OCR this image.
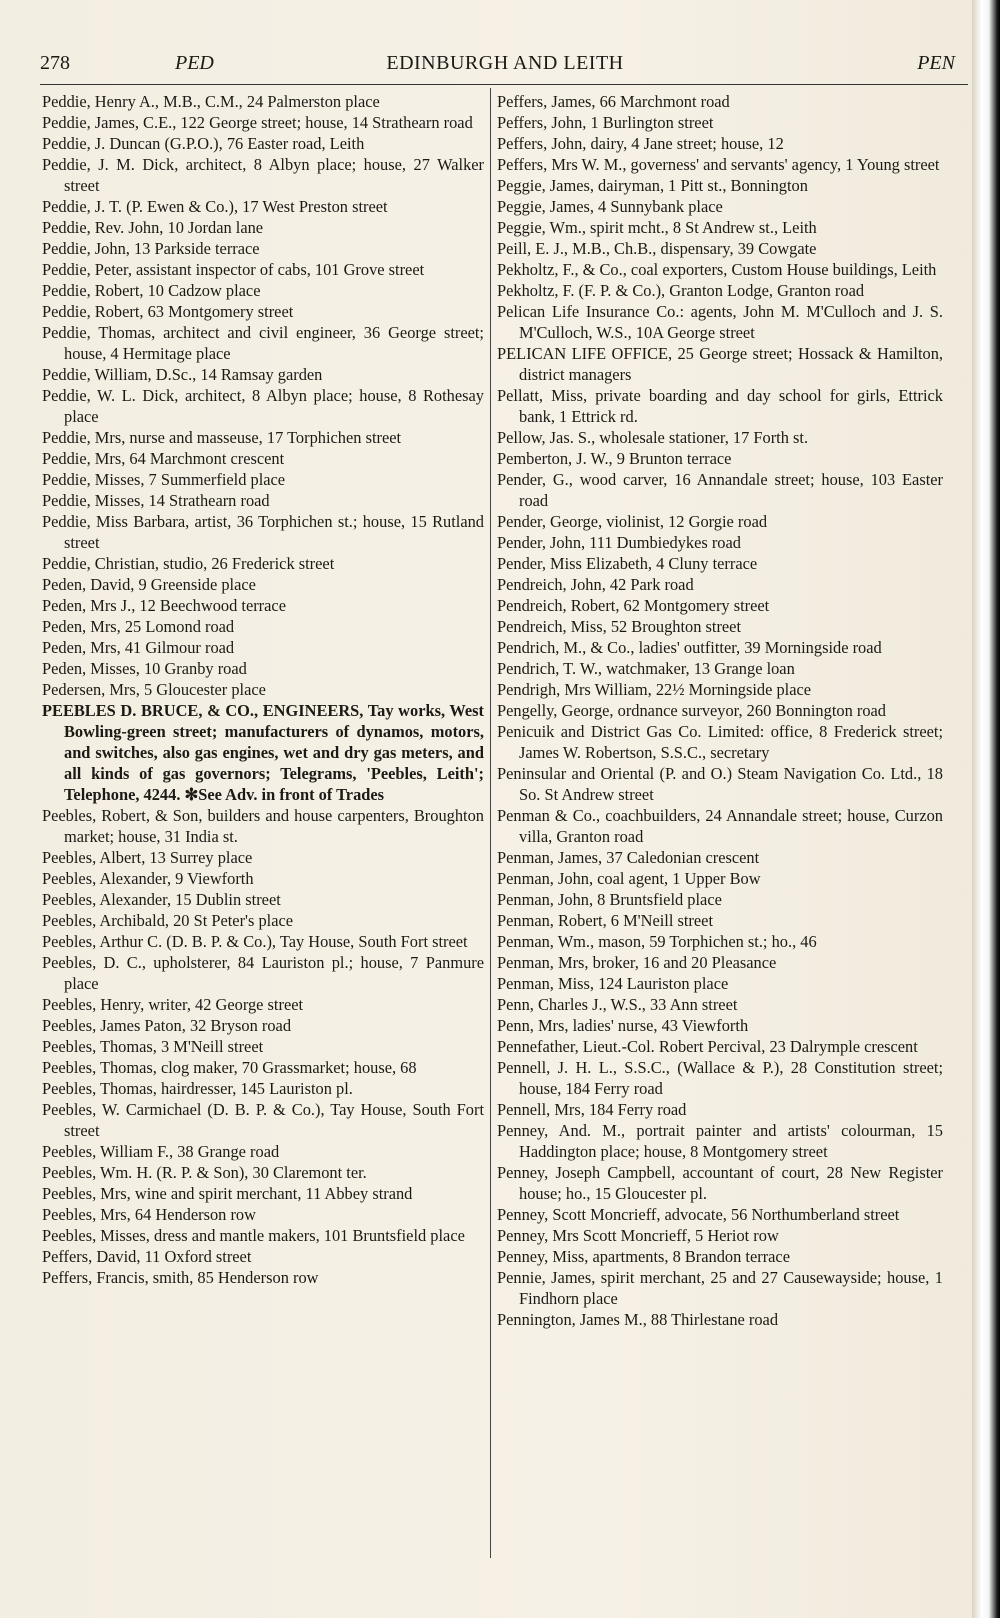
278	PED	EDINBURGH AND LEITH	PEN
Peddie, Henry A., M.B., C.M., 24 Palmerston place
Peddie, James, C.E., 122 George street; house, 14 Strathearn road
Peddie, J. Duncan (G.P.O.), 76 Easter road, Leith
Peddie, J. M. Dick, architect, 8 Albyn place; house, 27 Walker street
Peddie, J. T. (P. Ewen & Co.), 17 West Preston street
Peddie, Rev. John, 10 Jordan lane
Peddie, John, 13 Parkside terrace
Peddie, Peter, assistant inspector of cabs, 101 Grove street
Peddie, Robert, 10 Cadzow place
Peddie, Robert, 63 Montgomery street
Peddie, Thomas, architect and civil engineer, 36 George street; house, 4 Hermitage place
Peddie, William, D.Sc., 14 Ramsay garden
Peddie, W. L. Dick, architect, 8 Albyn place; house, 8 Rothesay place
Peddie, Mrs, nurse and masseuse, 17 Torphichen street
Peddie, Mrs, 64 Marchmont crescent
Peddie, Misses, 7 Summerfield place
Peddie, Misses, 14 Strathearn road
Peddie, Miss Barbara, artist, 36 Torphichen st.; house, 15 Rutland street
Peddie, Christian, studio, 26 Frederick street
Peden, David, 9 Greenside place
Peden, Mrs J., 12 Beechwood terrace
Peden, Mrs, 25 Lomond road
Peden, Mrs, 41 Gilmour road
Peden, Misses, 10 Granby road
Pedersen, Mrs, 5 Gloucester place
PEEBLES D. BRUCE, & CO., ENGINEERS, Tay works, West Bowling-green street; manufacturers of dynamos, motors, and switches, also gas engines, wet and dry gas meters, and all kinds of gas governors; Telegrams, 'Peebles, Leith'; Telephone, 4244. ✻See Adv. in front of Trades
Peebles, Robert, & Son, builders and house carpenters, Broughton market; house, 31 India st.
Peebles, Albert, 13 Surrey place
Peebles, Alexander, 9 Viewforth
Peebles, Alexander, 15 Dublin street
Peebles, Archibald, 20 St Peter's place
Peebles, Arthur C. (D. B. P. & Co.), Tay House, South Fort street
Peebles, D. C., upholsterer, 84 Lauriston pl.; house, 7 Panmure place
Peebles, Henry, writer, 42 George street
Peebles, James Paton, 32 Bryson road
Peebles, Thomas, 3 M'Neill street
Peebles, Thomas, clog maker, 70 Grassmarket; house, 68
Peebles, Thomas, hairdresser, 145 Lauriston pl.
Peebles, W. Carmichael (D. B. P. & Co.), Tay House, South Fort street
Peebles, William F., 38 Grange road
Peebles, Wm. H. (R. P. & Son), 30 Claremont ter.
Peebles, Mrs, wine and spirit merchant, 11 Abbey strand
Peebles, Mrs, 64 Henderson row
Peebles, Misses, dress and mantle makers, 101 Bruntsfield place
Peffers, David, 11 Oxford street
Peffers, Francis, smith, 85 Henderson row
Peffers, James, 66 Marchmont road
Peffers, John, 1 Burlington street
Peffers, John, dairy, 4 Jane street; house, 12
Peffers, Mrs W. M., governess' and servants' agency, 1 Young street
Peggie, James, dairyman, 1 Pitt st., Bonnington
Peggie, James, 4 Sunnybank place
Peggie, Wm., spirit mcht., 8 St Andrew st., Leith
Peill, E. J., M.B., Ch.B., dispensary, 39 Cowgate
Pekholtz, F., & Co., coal exporters, Custom House buildings, Leith
Pekholtz, F. (F. P. & Co.), Granton Lodge, Granton road
Pelican Life Insurance Co.: agents, John M. M'Culloch and J. S. M'Culloch, W.S., 10A George street
PELICAN LIFE OFFICE, 25 George street; Hossack & Hamilton, district managers
Pellatt, Miss, private boarding and day school for girls, Ettrick bank, 1 Ettrick rd.
Pellow, Jas. S., wholesale stationer, 17 Forth st.
Pemberton, J. W., 9 Brunton terrace
Pender, G., wood carver, 16 Annandale street; house, 103 Easter road
Pender, George, violinist, 12 Gorgie road
Pender, John, 111 Dumbiedykes road
Pender, Miss Elizabeth, 4 Cluny terrace
Pendreich, John, 42 Park road
Pendreich, Robert, 62 Montgomery street
Pendreich, Miss, 52 Broughton street
Pendrich, M., & Co., ladies' outfitter, 39 Morningside road
Pendrich, T. W., watchmaker, 13 Grange loan
Pendrigh, Mrs William, 22½ Morningside place
Pengelly, George, ordnance surveyor, 260 Bonnington road
Penicuik and District Gas Co. Limited: office, 8 Frederick street; James W. Robertson, S.S.C., secretary
Peninsular and Oriental (P. and O.) Steam Navigation Co. Ltd., 18 So. St Andrew street
Penman & Co., coachbuilders, 24 Annandale street; house, Curzon villa, Granton road
Penman, James, 37 Caledonian crescent
Penman, John, coal agent, 1 Upper Bow
Penman, John, 8 Bruntsfield place
Penman, Robert, 6 M'Neill street
Penman, Wm., mason, 59 Torphichen st.; ho., 46
Penman, Mrs, broker, 16 and 20 Pleasance
Penman, Miss, 124 Lauriston place
Penn, Charles J., W.S., 33 Ann street
Penn, Mrs, ladies' nurse, 43 Viewforth
Pennefather, Lieut.-Col. Robert Percival, 23 Dalrymple crescent
Pennell, J. H. L., S.S.C., (Wallace & P.), 28 Constitution street; house, 184 Ferry road
Pennell, Mrs, 184 Ferry road
Penney, And. M., portrait painter and artists' colourman, 15 Haddington place; house, 8 Montgomery street
Penney, Joseph Campbell, accountant of court, 28 New Register house; ho., 15 Gloucester pl.
Penney, Scott Moncrieff, advocate, 56 Northumberland street
Penney, Mrs Scott Moncrieff, 5 Heriot row
Penney, Miss, apartments, 8 Brandon terrace
Pennie, James, spirit merchant, 25 and 27 Causewayside; house, 1 Findhorn place
Pennington, James M., 88 Thirlestane road
